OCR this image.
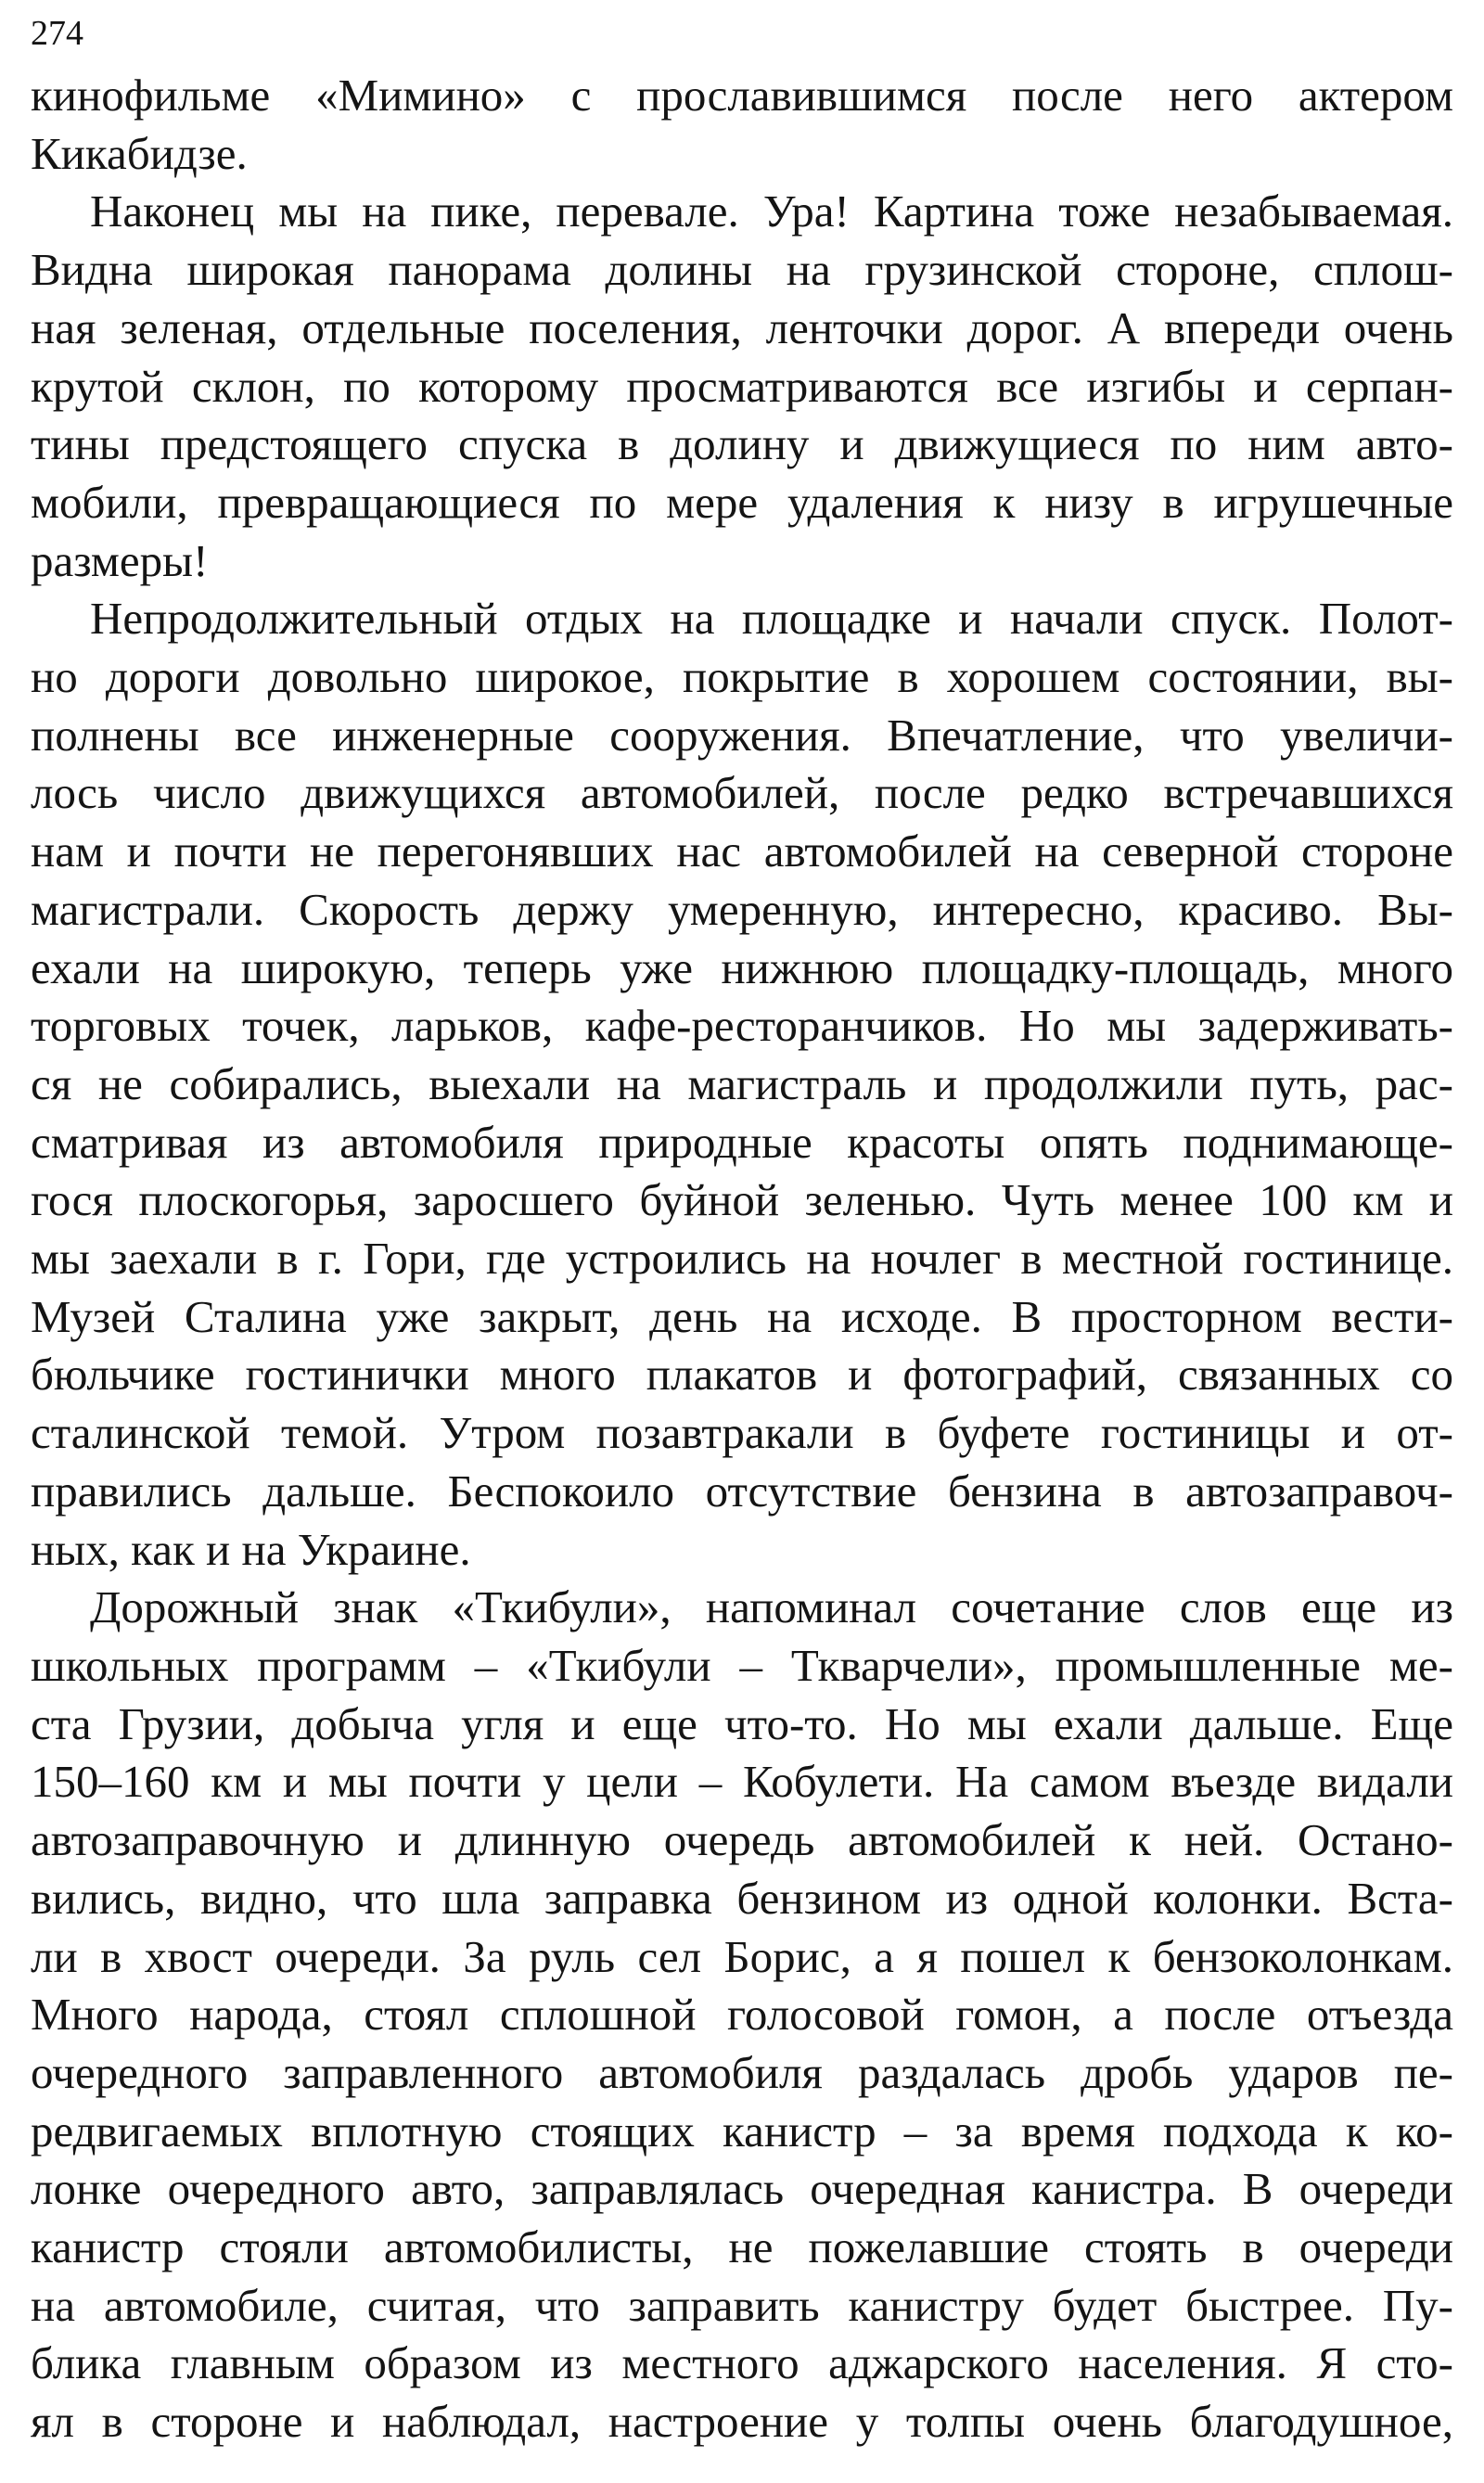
274

кинофильме «Мимино» с прославившимся после него актером
Кикабидзе.

Наконец мы на пике, перевале. Ура! Картина тоже незабываемая.
Видна широкая панорама долины на грузинской стороне, сплош-
ная зеленая, отдельные поселения, ленточки дорог. А впереди очень
крутой склон, по которому просматриваются все изгибы и серпан-
тины предстоящего спуска в долину и движущиеся по ним авто-
мобили, превращающиеся по мере удаления к низу в игрушечные
размеры!

Непродолжительный отдых на площадке и начали спуск. Полот-
но дороги довольно широкое, покрытие в хорошем состоянии, вы-
полнены все инженерные сооружения. Впечатление, что увеличи-
лось число движущихся автомобилей, после редко встречавшихся
нам и почти не перегонявших нас автомобилей на северной стороне
магистрали. Скорость держу умеренную, интересно, красиво. Вы-
ехали на широкую, теперь уже нижнюю площадку-площадь, много
торговых точек, ларьков, кафе-ресторанчиков. Но мы задерживать-
ся не собирались, выехали на магистраль и продолжили путь, рас-
сматривая из автомобиля природные красоты опять поднимающе-
гося плоскогорья, заросшего буйной зеленью. Чуть менее 100 км и
мы заехали в г. Гори, где устроились на ночлег в местной гостинице.
Музей Сталина уже закрыт, день на исходе. В просторном вести-
бюльчике гостинички много плакатов и фотографий, связанных со
сталинской темой. Утром позавтракали в буфете гостиницы и от-
правились дальше. Беспокоило отсутствие бензина в автозаправоч-
ных, как и на Украине.

Дорожный знак «Ткибули», напоминал сочетание слов еще из
школьных программ – «Ткибули – Ткварчели», промышленные ме-
ста Грузии, добыча угля и еще что-то. Но мы ехали дальше. Еще
150–160 км и мы почти у цели – Кобулети. На самом въезде видали
автозаправочную и длинную очередь автомобилей к ней. Остано-
вились, видно, что шла заправка бензином из одной колонки. Вста-
ли в хвост очереди. За руль сел Борис, а я пошел к бензоколонкам.
Много народа, стоял сплошной голосовой гомон, а после отъезда
очередного заправленного автомобиля раздалась дробь ударов пе-
редвигаемых вплотную стоящих канистр – за время подхода к ко-
лонке очередного авто, заправлялась очередная канистра. В очереди
канистр стояли автомобилисты, не пожелавшие стоять в очереди
на автомобиле, считая, что заправить канистру будет быстрее. Пу-
блика главным образом из местного аджарского населения. Я сто-
ял в стороне и наблюдал, настроение у толпы очень благодушное,
